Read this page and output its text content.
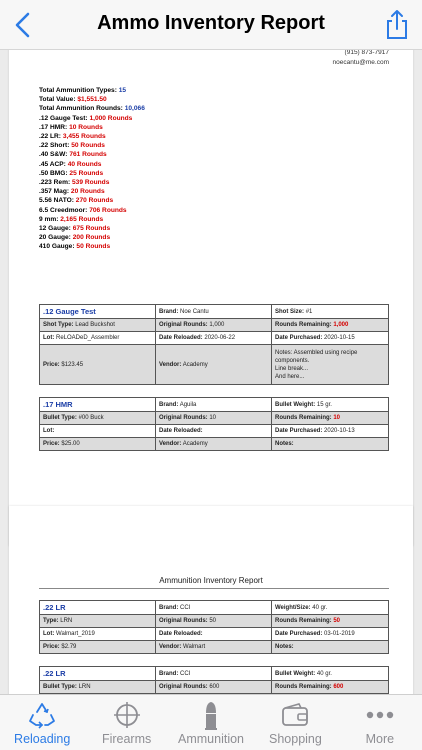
Ammo Inventory Report
(915) 873-7917
noecantu@me.com
Total Ammunition Types: 15
Total Value: $1,551.50
Total Ammunition Rounds: 10,066
.12 Gauge Test: 1,000 Rounds
.17 HMR: 10 Rounds
.22 LR: 3,455 Rounds
.22 Short: 50 Rounds
.40 S&W: 761 Rounds
.45 ACP: 40 Rounds
.50 BMG: 25 Rounds
.223 Rem: 539 Rounds
.357 Mag: 20 Rounds
5.56 NATO: 270 Rounds
6.5 Creedmoor: 706 Rounds
9 mm: 2,165 Rounds
12 Gauge: 675 Rounds
20 Gauge: 200 Rounds
410 Gauge: 50 Rounds
.12 Gauge Test	Brand: Noe Cantu	Shot Size: #1
Shot Type: Lead Buckshot	Original Rounds: 1,000	Rounds Remaining: 1,000
Lot: ReLOADeD_Assembler	Date Reloaded: 2020-06-22	Date Purchased: 2020-10-15
Price: $123.45	Vendor: Academy	Notes: Assembled using recipe
components.
Line break...
And here...
.17 HMR	Brand: Aguila	Bullet Weight: 15 gr.
Bullet Type: #00 Buck	Original Rounds: 10	Rounds Remaining: 10
Lot:	Date Reloaded:	Date Purchased: 2020-10-13
Price: $25.00	Vendor: Academy	Notes:
Ammunition Inventory Report
.22 LR	Brand: CCI	Weight/Size: 40 gr.
Type: LRN	Original Rounds: 50	Rounds Remaining: 50
Lot: Walmart_2019	Date Reloaded:	Date Purchased: 03-01-2019
Price: $2.79	Vendor: Walmart	Notes:
.22 LR	Brand: CCI	Bullet Weight: 40 gr.
Bullet Type: LRN	Original Rounds: 600	Rounds Remaining: 600

Reloading	Firearms	Ammunition	Shopping	More
